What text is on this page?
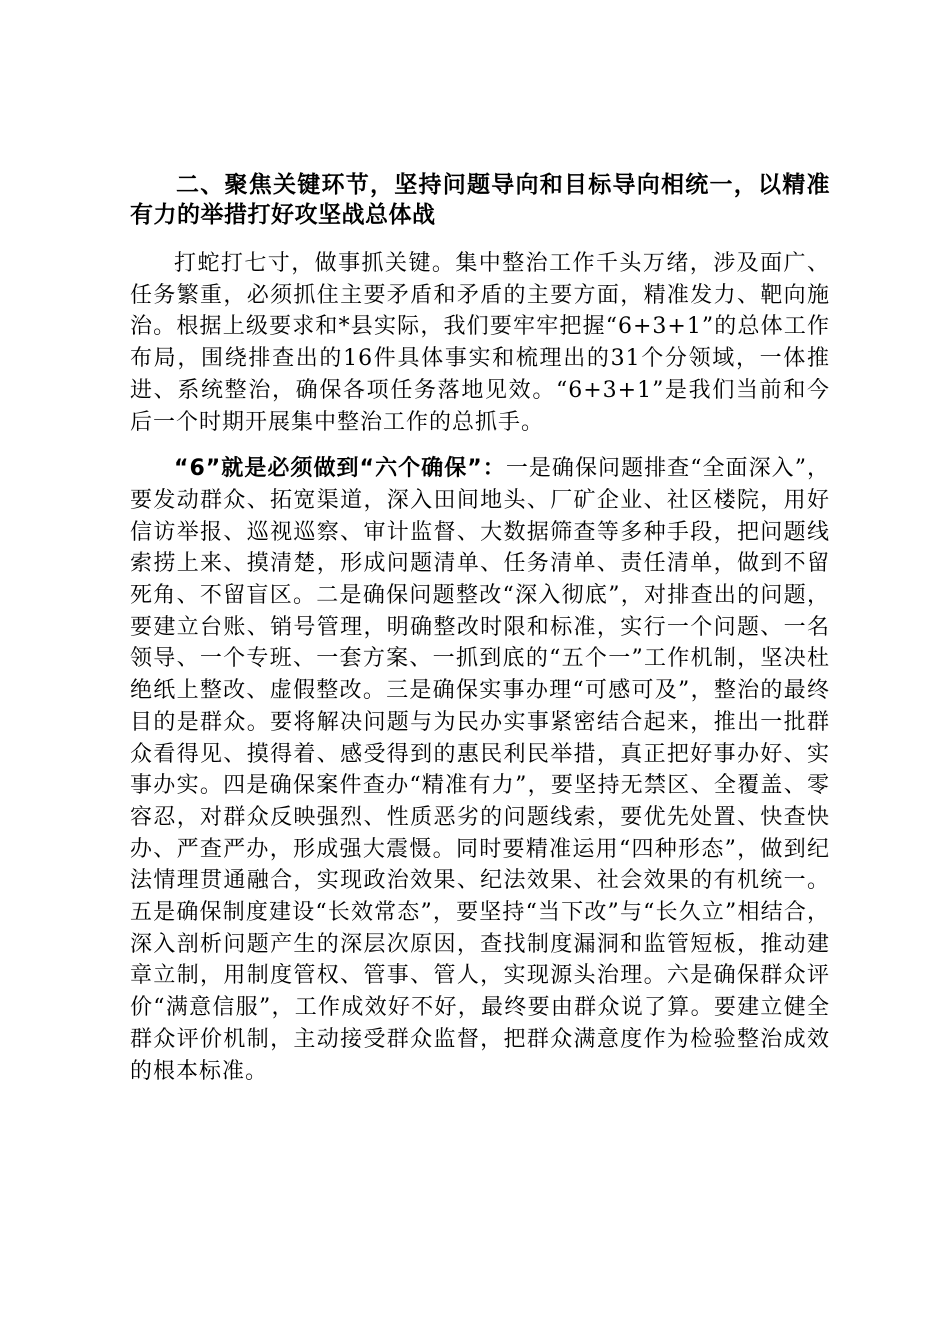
二、聚焦关键环节，坚持问题导向和目标导向相统一，以精准有力的举措打好攻坚战总体战

打蛇打七寸，做事抓关键。集中整治工作千头万绪，涉及面广、任务繁重，必须抓住主要矛盾和矛盾的主要方面，精准发力、靶向施治。根据上级要求和*县实际，我们要牢牢把握“6+3+1”的总体工作布局，围绕排查出的16件具体事实和梳理出的31个分领域，一体推进、系统整治，确保各项任务落地见效。“6+3+1”是我们当前和今后一个时期开展集中整治工作的总抓手。

“6”就是必须做到“六个确保”：一是确保问题排查“全面深入”，要发动群众、拓宽渠道，深入田间地头、厂矿企业、社区楼院，用好信访举报、巡视巡察、审计监督、大数据筛查等多种手段，把问题线索捞上来、摸清楚，形成问题清单、任务清单、责任清单，做到不留死角、不留盲区。二是确保问题整改“深入彻底”，对排查出的问题，要建立台账、销号管理，明确整改时限和标准，实行一个问题、一名领导、一个专班、一套方案、一抓到底的“五个一”工作机制，坚决杜绝纸上整改、虚假整改。三是确保实事办理“可感可及”，整治的最终目的是群众。要将解决问题与为民办实事紧密结合起来，推出一批群众看得见、摸得着、感受得到的惠民利民举措，真正把好事办好、实事办实。四是确保案件查办“精准有力”，要坚持无禁区、全覆盖、零容忍，对群众反映强烈、性质恶劣的问题线索，要优先处置、快查快办、严查严办，形成强大震慑。同时要精准运用“四种形态”，做到纪法情理贯通融合，实现政治效果、纪法效果、社会效果的有机统一。五是确保制度建设“长效常态”，要坚持“当下改”与“长久立”相结合，深入剖析问题产生的深层次原因，查找制度漏洞和监管短板，推动建章立制，用制度管权、管事、管人，实现源头治理。六是确保群众评价“满意信服”，工作成效好不好，最终要由群众说了算。要建立健全群众评价机制，主动接受群众监督，把群众满意度作为检验整治成效的根本标准。
